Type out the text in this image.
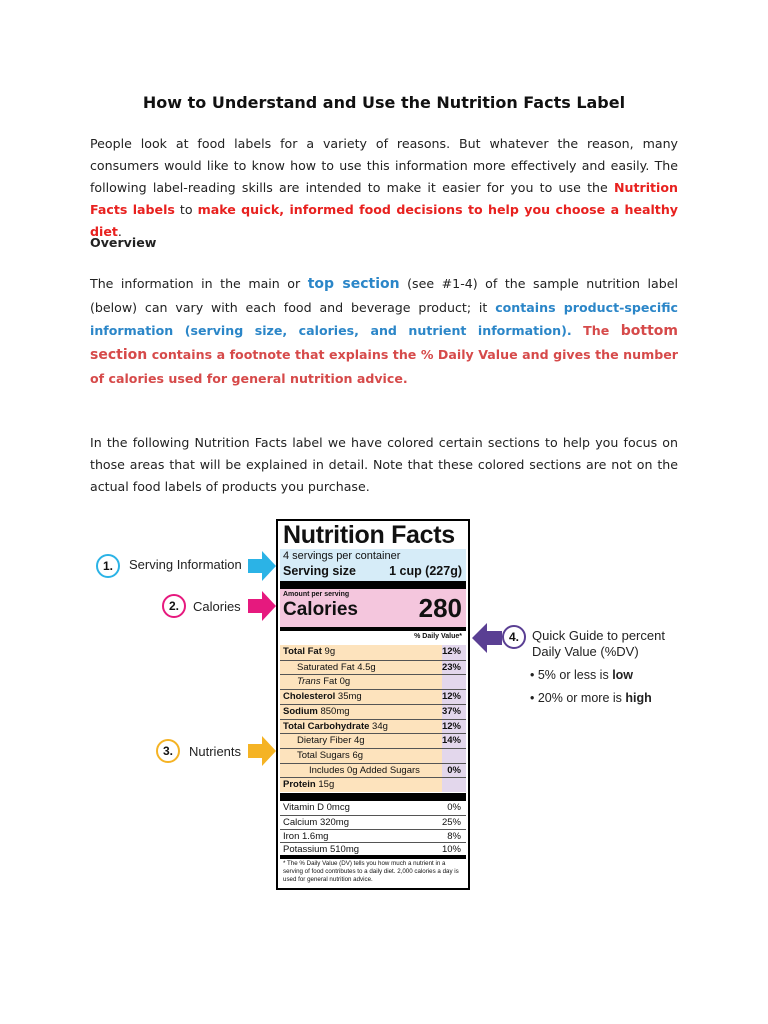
How to Understand and Use the Nutrition Facts Label
People look at food labels for a variety of reasons. But whatever the reason, many consumers would like to know how to use this information more effectively and easily. The following label-reading skills are intended to make it easier for you to use the Nutrition Facts labels to make quick, informed food decisions to help you choose a healthy diet.
Overview
The information in the main or top section (see #1-4) of the sample nutrition label (below) can vary with each food and beverage product; it contains product-specific information (serving size, calories, and nutrient information). The bottom section contains a footnote that explains the % Daily Value and gives the number of calories used for general nutrition advice.
In the following Nutrition Facts label we have colored certain sections to help you focus on those areas that will be explained in detail. Note that these colored sections are not on the actual food labels of products you purchase.
Nutrition Facts
4 servings per container
Serving size	1 cup (227g)
Amount per serving
Calories 280
% Daily Value*
Total Fat 9g	12%
Saturated Fat 4.5g	23%
Trans Fat 0g
Cholesterol 35mg	12%
Sodium 850mg	37%
Total Carbohydrate 34g	12%
Dietary Fiber 4g	14%
Total Sugars 6g
Includes 0g Added Sugars	0%
Protein 15g
Vitamin D 0mcg	0%
Calcium 320mg	25%
Iron 1.6mg	8%
Potassium 510mg	10%
* The % Daily Value (DV) tells you how much a nutrient in a serving of food contributes to a daily diet. 2,000 calories a day is used for general nutrition advice.
1.	Serving Information
2.	Calories
3.	Nutrients
4.	Quick Guide to percent
Daily Value (%DV)
• 5% or less is low
• 20% or more is high
